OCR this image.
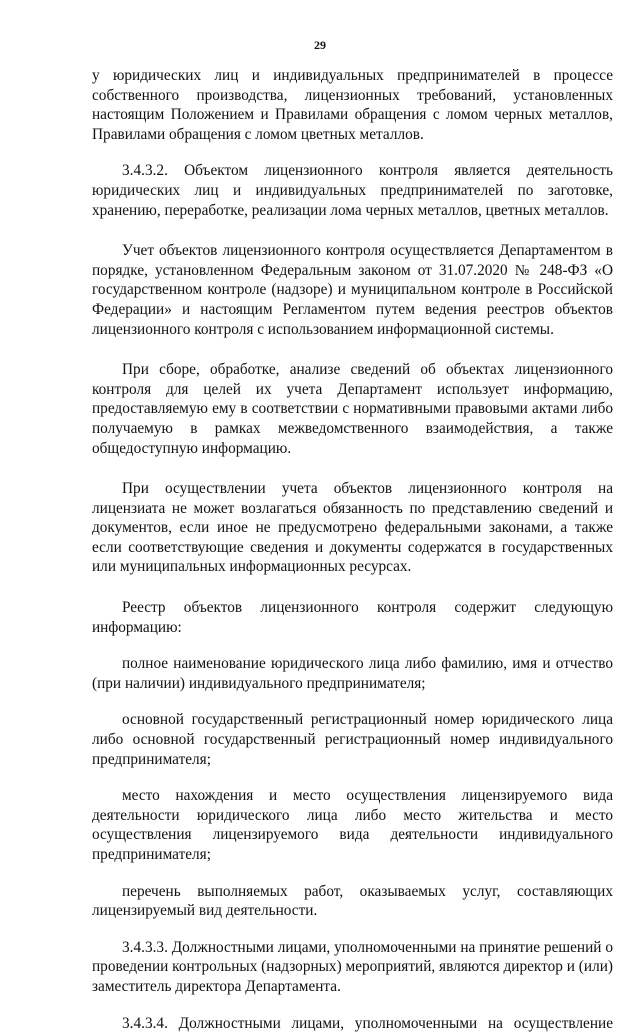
29

у юридических лиц и индивидуальных предпринимателей в процессе собственного производства, лицензионных требований, установленных настоящим Положением и Правилами обращения с ломом черных металлов, Правилами обращения с ломом цветных металлов.

3.4.3.2. Объектом лицензионного контроля является деятельность юридических лиц и индивидуальных предпринимателей по заготовке, хранению, переработке, реализации лома черных металлов, цветных металлов.

Учет объектов лицензионного контроля осуществляется Департаментом в порядке, установленном Федеральным законом от 31.07.2020 № 248-ФЗ «О государственном контроле (надзоре) и муниципальном контроле в Российской Федерации» и настоящим Регламентом путем ведения реестров объектов лицензионного контроля с использованием информационной системы.

При сборе, обработке, анализе сведений об объектах лицензионного контроля для целей их учета Департамент использует информацию, предоставляемую ему в соответствии с нормативными правовыми актами либо получаемую в рамках межведомственного взаимодействия, а также общедоступную информацию.

При осуществлении учета объектов лицензионного контроля на лицензиата не может возлагаться обязанность по представлению сведений и документов, если иное не предусмотрено федеральными законами, а также если соответствующие сведения и документы содержатся в государственных или муниципальных информационных ресурсах.

Реестр объектов лицензионного контроля содержит следующую информацию:

полное наименование юридического лица либо фамилию, имя и отчество (при наличии) индивидуального предпринимателя;

основной государственный регистрационный номер юридического лица либо основной государственный регистрационный номер индивидуального предпринимателя;

место нахождения и место осуществления лицензируемого вида деятельности юридического лица либо место жительства и место осуществления лицензируемого вида деятельности индивидуального предпринимателя;

перечень выполняемых работ, оказываемых услуг, составляющих лицензируемый вид деятельности.

3.4.3.3. Должностными лицами, уполномоченными на принятие решений о проведении контрольных (надзорных) мероприятий, являются директор и (или) заместитель директора Департамента.

3.4.3.4. Должностными лицами, уполномоченными на осуществление
